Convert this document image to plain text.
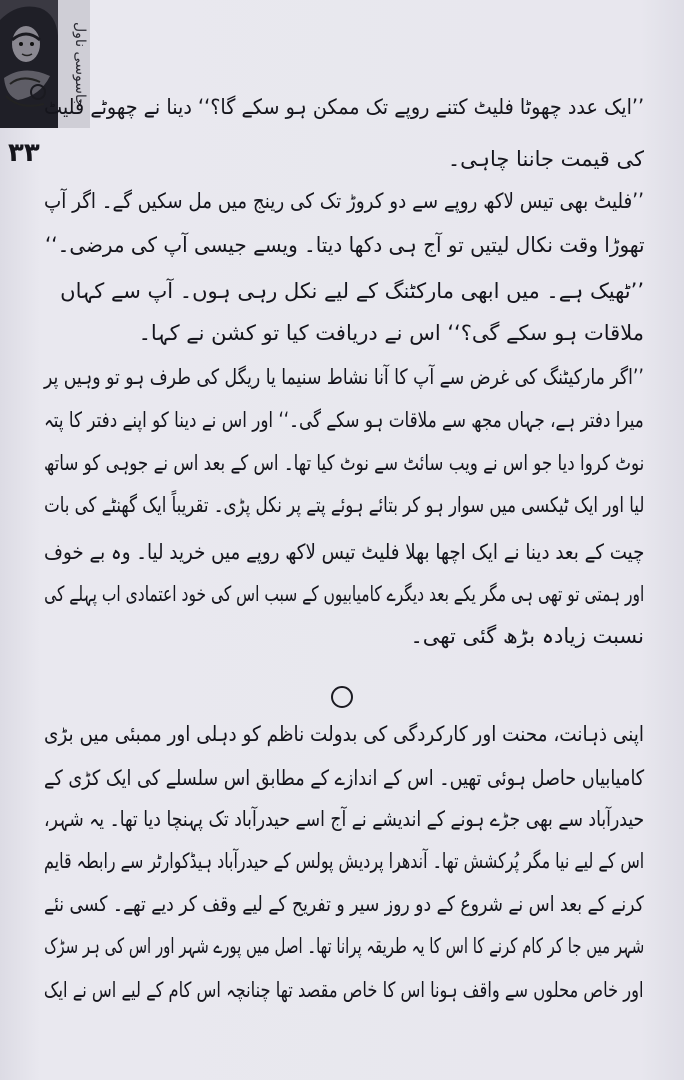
جاسوسی ناول
۳۳
’’ایک عدد چھوٹا فلیٹ کتنے روپے تک ممکن ہو سکے گا؟‘‘ دینا نے چھوٹے فلیٹ
کی قیمت جاننا چاہی۔
’’فلیٹ بھی تیس لاکھ روپے سے دو کروڑ تک کی رینج میں مل سکیں گے۔ اگر آپ
تھوڑا وقت نکال لیتیں تو آج ہی دکھا دیتا۔ ویسے جیسی آپ کی مرضی۔‘‘
’’ٹھیک ہے۔ میں ابھی مارکٹنگ کے لیے نکل رہی ہوں۔ آپ سے کہاں
ملاقات ہو سکے گی؟‘‘ اس نے دریافت کیا تو کشن نے کہا۔
’’اگر مارکیٹنگ کی غرض سے آپ کا آنا نشاط سنیما یا ریگل کی طرف ہو تو وہیں پر
میرا دفتر ہے، جہاں مجھ سے ملاقات ہو سکے گی۔‘‘ اور اس نے دینا کو اپنے دفتر کا پتہ
نوٹ کروا دیا جو اس نے ویب سائٹ سے نوٹ کیا تھا۔ اس کے بعد اس نے جوہی کو ساتھ
لیا اور ایک ٹیکسی میں سوار ہو کر بتائے ہوئے پتے پر نکل پڑی۔ تقریباً ایک گھنٹے کی بات
چیت کے بعد دینا نے ایک اچھا بھلا فلیٹ تیس لاکھ روپے میں خرید لیا۔ وہ بے خوف
اور ہمتی تو تھی ہی مگر یکے بعد دیگرے کامیابیوں کے سبب اس کی خود اعتمادی اب پہلے کی
نسبت زیادہ بڑھ گئی تھی۔
اپنی ذہانت، محنت اور کارکردگی کی بدولت ناظم کو دہلی اور ممبئی میں بڑی
کامیابیاں حاصل ہوئی تھیں۔ اس کے اندازے کے مطابق اس سلسلے کی ایک کڑی کے
حیدرآباد سے بھی جڑے ہونے کے اندیشے نے آج اسے حیدرآباد تک پہنچا دیا تھا۔ یہ شہر،
اس کے لیے نیا مگر پُرکشش تھا۔ آندھرا پردیش پولس کے حیدرآباد ہیڈکوارٹر سے رابطہ قایم
کرنے کے بعد اس نے شروع کے دو روز سیر و تفریح کے لیے وقف کر دیے تھے۔ کسی نئے
شہر میں جا کر کام کرنے کا اس کا یہ طریقہ پرانا تھا۔ اصل میں پورے شہر اور اس کی ہر سڑک
اور خاص محلوں سے واقف ہونا اس کا خاص مقصد تھا چنانچہ اس کام کے لیے اس نے ایک
